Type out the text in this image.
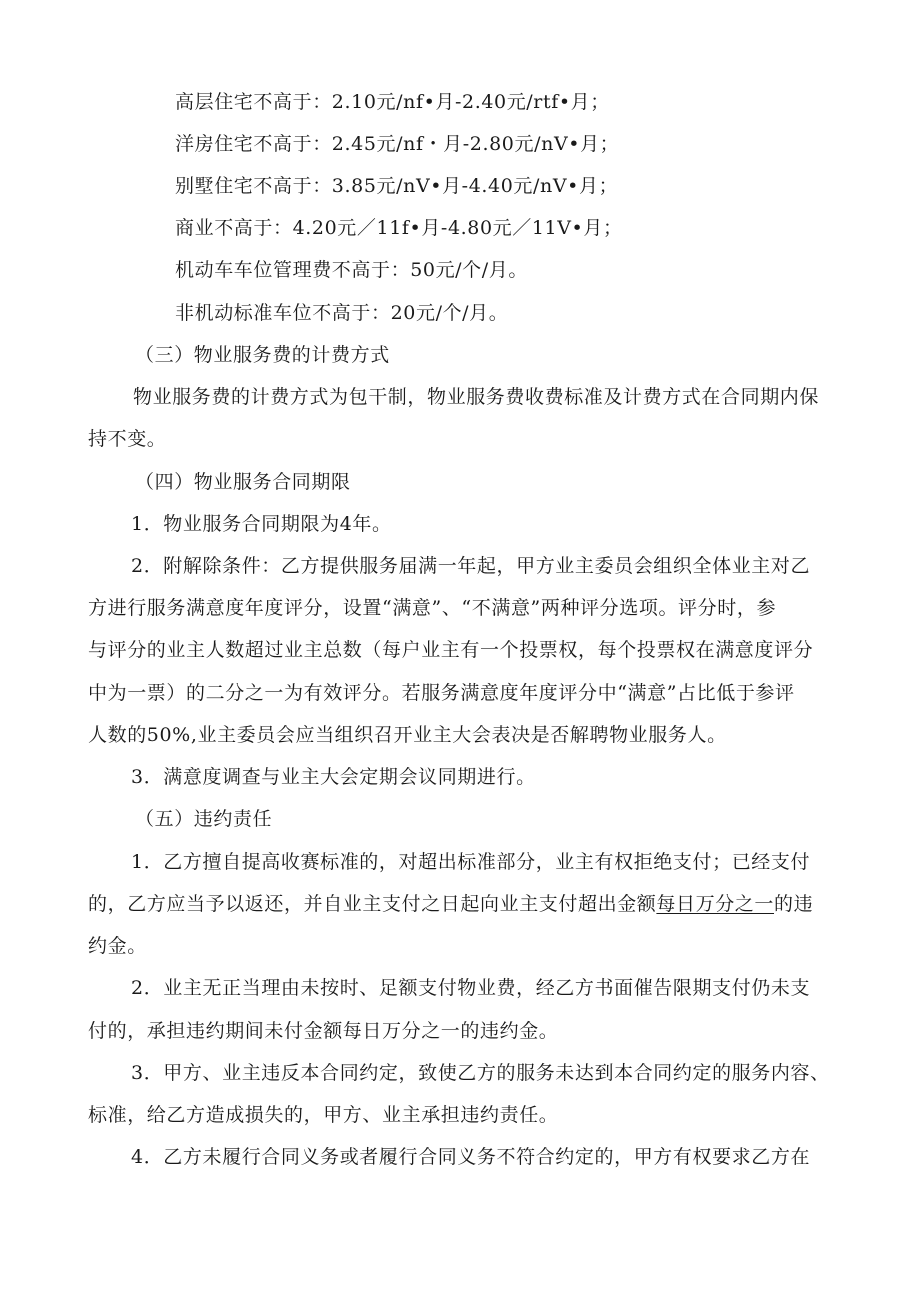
高层住宅不高于：2.10元/nf•月-2.40元/rtf•月；
洋房住宅不高于：2.45元/nf・月-2.80元/nV•月；
别墅住宅不高于：3.85元/nV•月-4.40元/nV•月；
商业不高于：4.20元／11f•月-4.80元／11V•月；
机动车车位管理费不高于：50元/个/月。
非机动标准车位不高于：20元/个/月。
（三）物业服务费的计费方式
物业服务费的计费方式为包干制，物业服务费收费标准及计费方式在合同期内保
持不变。
（四）物业服务合同期限
1．物业服务合同期限为4年。
2．附解除条件：乙方提供服务届满一年起，甲方业主委员会组织全体业主对乙
方进行服务满意度年度评分，设置“满意”、“不满意”两种评分选项。评分时，参
与评分的业主人数超过业主总数（每户业主有一个投票权，每个投票权在满意度评分
中为一票）的二分之一为有效评分。若服务满意度年度评分中“满意”占比低于参评
人数的50%,业主委员会应当组织召开业主大会表决是否解聘物业服务人。
3．满意度调查与业主大会定期会议同期进行。
（五）违约责任
1．乙方擅自提高收赛标准的，对超出标准部分，业主有权拒绝支付；已经支付
的，乙方应当予以返还，并自业主支付之日起向业主支付超出金额每日万分之一的违
约金。
2．业主无正当理由未按时、足额支付物业费，经乙方书面催告限期支付仍未支
付的，承担违约期间未付金额每日万分之一的违约金。
3．甲方、业主违反本合同约定，致使乙方的服务未达到本合同约定的服务内容、
标准，给乙方造成损失的，甲方、业主承担违约责任。
4．乙方未履行合同义务或者履行合同义务不符合约定的，甲方有权要求乙方在
